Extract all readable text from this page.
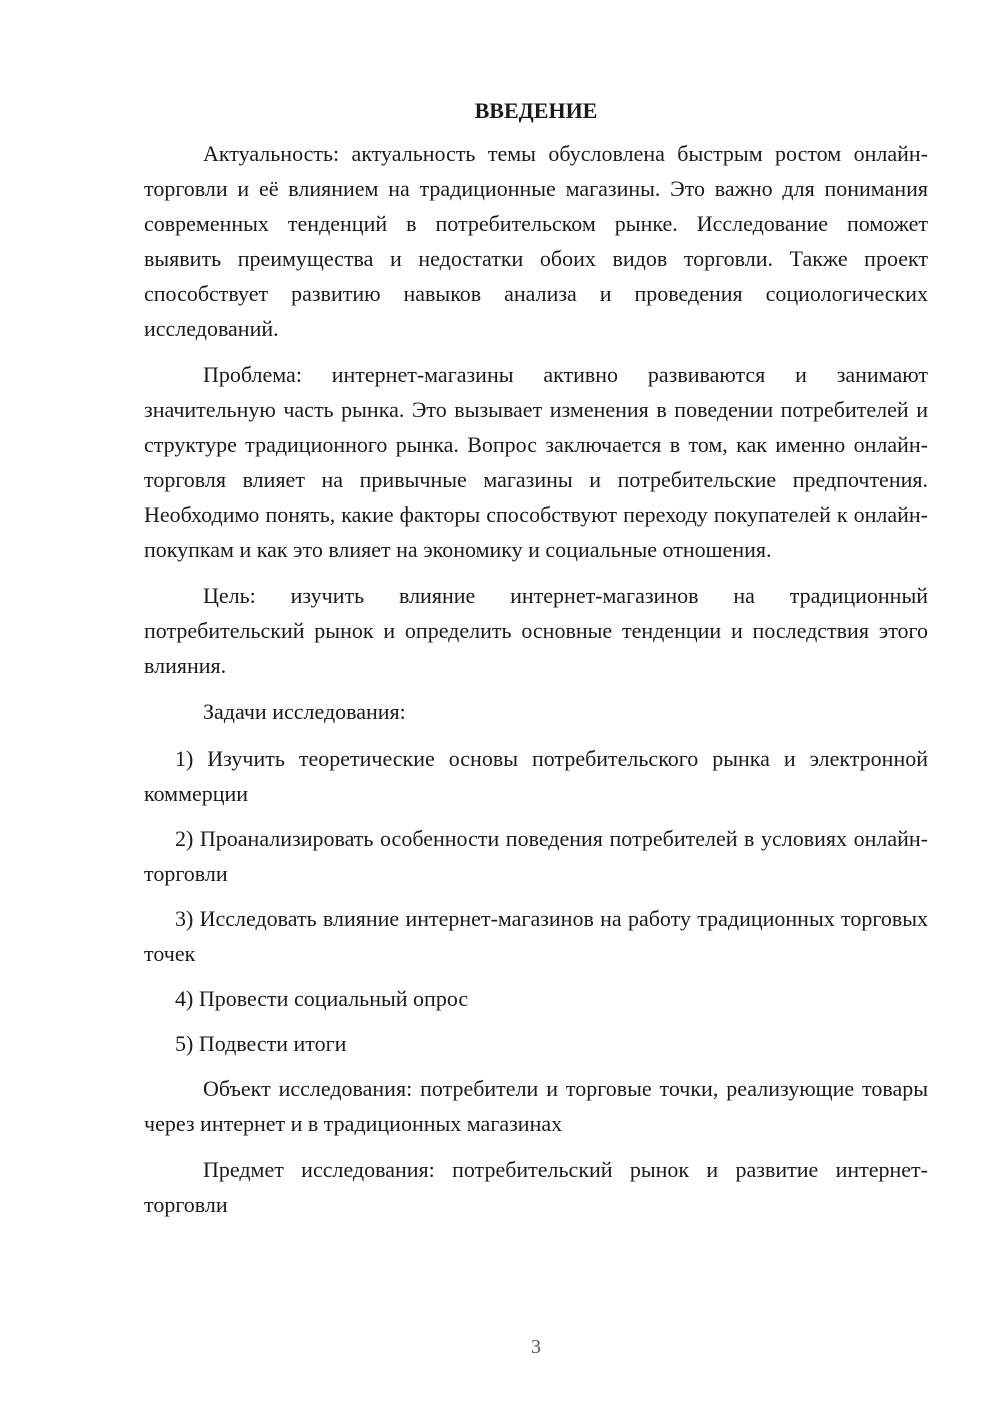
ВВЕДЕНИЕ

Актуальность: актуальность темы обусловлена быстрым ростом онлайн-торговли и её влиянием на традиционные магазины. Это важно для понимания современных тенденций в потребительском рынке. Исследование поможет выявить преимущества и недостатки обоих видов торговли. Также проект способствует развитию навыков анализа и проведения социологических исследований.

Проблема: интернет-магазины активно развиваются и занимают значительную часть рынка. Это вызывает изменения в поведении потребителей и структуре традиционного рынка. Вопрос заключается в том, как именно онлайн-торговля влияет на привычные магазины и потребительские предпочтения. Необходимо понять, какие факторы способствуют переходу покупателей к онлайн-покупкам и как это влияет на экономику и социальные отношения.

Цель: изучить влияние интернет-магазинов на традиционный потребительский рынок и определить основные тенденции и последствия этого влияния.

Задачи исследования:

1) Изучить теоретические основы потребительского рынка и электронной коммерции

2) Проанализировать особенности поведения потребителей в условиях онлайн-торговли

3) Исследовать влияние интернет-магазинов на работу традиционных торговых точек

4) Провести социальный опрос

5) Подвести итоги

Объект исследования: потребители и торговые точки, реализующие товары через интернет и в традиционных магазинах

Предмет исследования: потребительский рынок и развитие интернет-торговли

3
